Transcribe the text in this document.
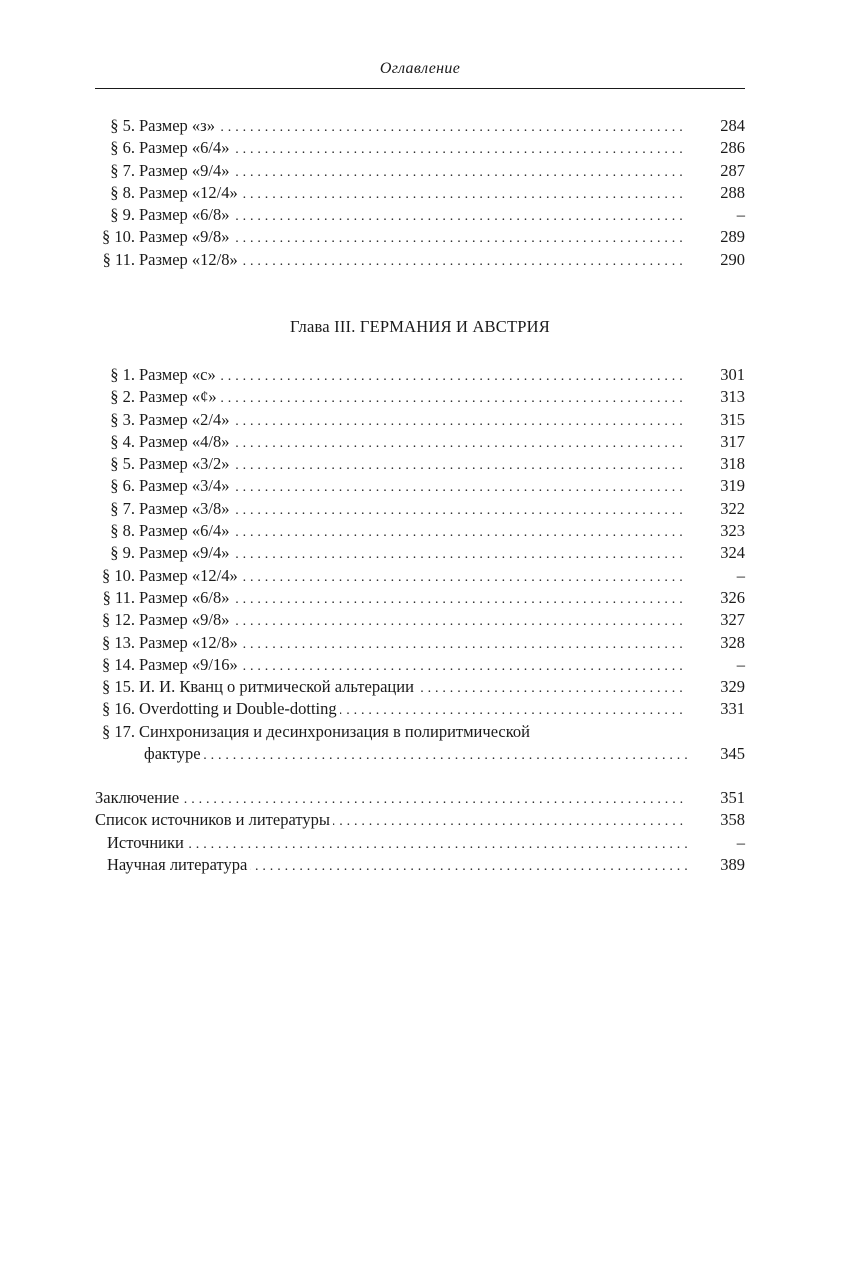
Оглавление
§ 5. . . . Размер «з»	284
§ 6. . . . Размер «6/4»	286
§ 7. . . . Размер «9/4»	287
§ 8. . . . Размер «12/4»	288
§ 9. . . . Размер «6/8»	–
§ 10. . . . Размер «9/8»	289
§ 11. . . . Размер «12/8»	290
Глава III. ГЕРМАНИЯ И АВСТРИЯ
§ 1. . . . Размер «c»	301
§ 2. . . . Размер «¢»	313
§ 3. . . . Размер «2/4»	315
§ 4. . . . Размер «4/8»	317
§ 5. . . . Размер «3/2»	318
§ 6. . . . Размер «3/4»	319
§ 7. . . . Размер «3/8»	322
§ 8. . . . Размер «6/4»	323
§ 9. . . . Размер «9/4»	324
§ 10. . . . Размер «12/4»	–
§ 11. . . . Размер «6/8»	326
§ 12. . . . Размер «9/8»	327
§ 13. . . . Размер «12/8»	328
§ 14. . . . Размер «9/16»	–
§ 15. . . . И. И. Кванц о ритмической альтерации	329
§ 16. . . . Overdotting и Double-dotting	331
§ 17. Синхронизация и десинхронизация в полиритмической
. . .
фактуре	345
. . .
Заключение	351
. . .
Список источников и литературы	358
. . .
Источники	–
. . .
Научная литература	389
